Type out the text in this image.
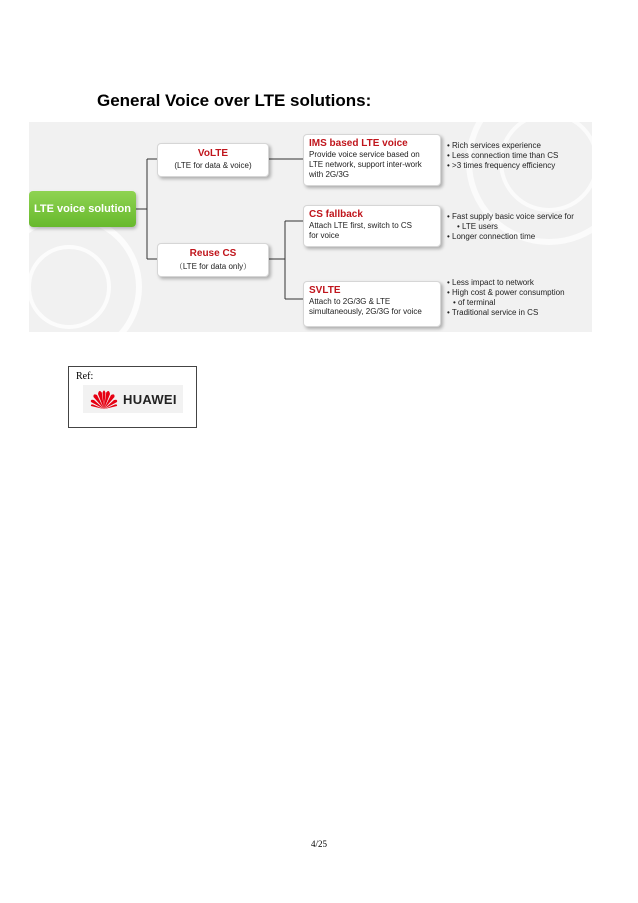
General Voice over LTE solutions:
LTE voice solution
VoLTE
(LTE for data & voice)
Reuse CS
（LTE for data only）
IMS based LTE voice
Provide voice service based on
LTE network, support inter-work
with 2G/3G
CS fallback
Attach LTE first, switch to CS
for voice
SVLTE
Attach to 2G/3G & LTE
simultaneously, 2G/3G for voice
• Rich services experience
• Less connection time than CS
• >3 times frequency efficiency
• Fast supply basic voice service for
• LTE users
• Longer connection time
• Less impact to network
• High cost & power consumption
• of terminal
• Traditional service in CS
Ref:
HUAWEI
4/25
